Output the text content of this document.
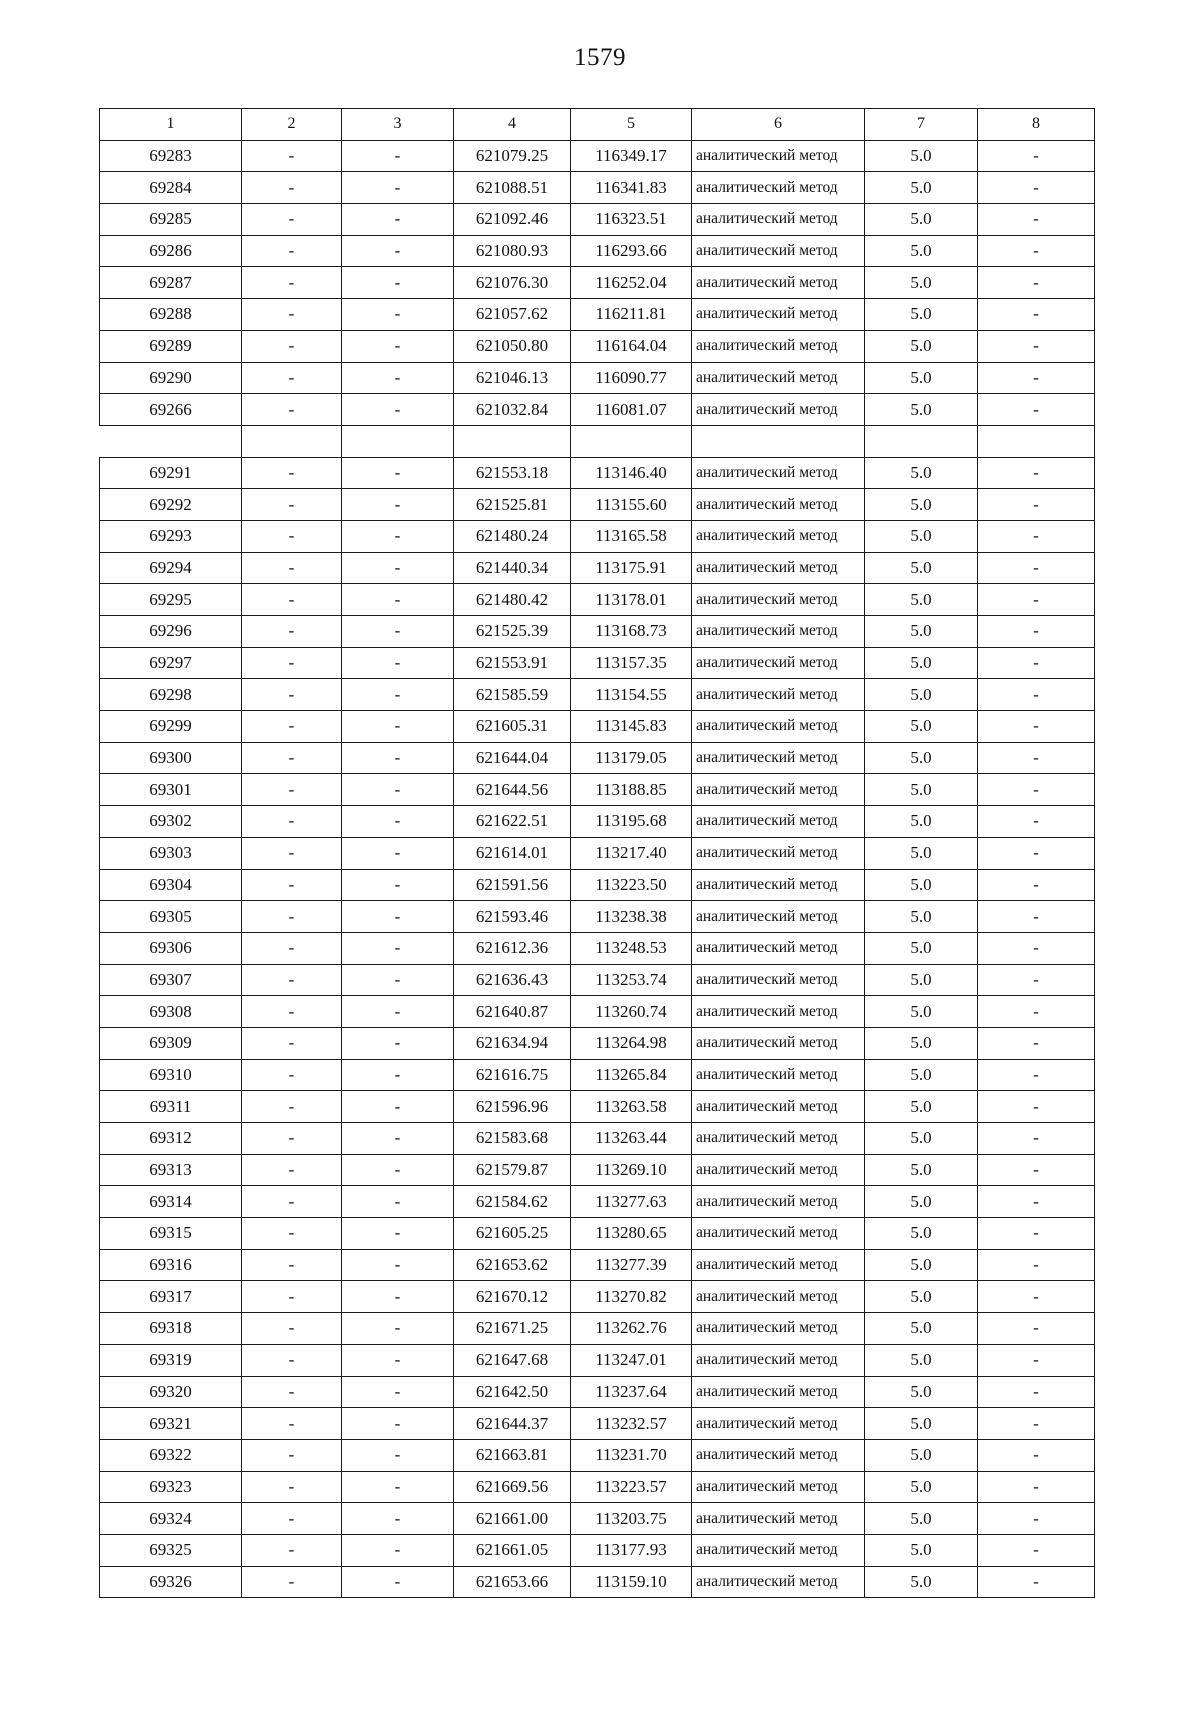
1579
1	2	3	4	5	6	7	8
69283	-	-	621079.25	116349.17	аналитический метод	5.0	-
69284	-	-	621088.51	116341.83	аналитический метод	5.0	-
69285	-	-	621092.46	116323.51	аналитический метод	5.0	-
69286	-	-	621080.93	116293.66	аналитический метод	5.0	-
69287	-	-	621076.30	116252.04	аналитический метод	5.0	-
69288	-	-	621057.62	116211.81	аналитический метод	5.0	-
69289	-	-	621050.80	116164.04	аналитический метод	5.0	-
69290	-	-	621046.13	116090.77	аналитический метод	5.0	-
69266	-	-	621032.84	116081.07	аналитический метод	5.0	-

69291	-	-	621553.18	113146.40	аналитический метод	5.0	-
69292	-	-	621525.81	113155.60	аналитический метод	5.0	-
69293	-	-	621480.24	113165.58	аналитический метод	5.0	-
69294	-	-	621440.34	113175.91	аналитический метод	5.0	-
69295	-	-	621480.42	113178.01	аналитический метод	5.0	-
69296	-	-	621525.39	113168.73	аналитический метод	5.0	-
69297	-	-	621553.91	113157.35	аналитический метод	5.0	-
69298	-	-	621585.59	113154.55	аналитический метод	5.0	-
69299	-	-	621605.31	113145.83	аналитический метод	5.0	-
69300	-	-	621644.04	113179.05	аналитический метод	5.0	-
69301	-	-	621644.56	113188.85	аналитический метод	5.0	-
69302	-	-	621622.51	113195.68	аналитический метод	5.0	-
69303	-	-	621614.01	113217.40	аналитический метод	5.0	-
69304	-	-	621591.56	113223.50	аналитический метод	5.0	-
69305	-	-	621593.46	113238.38	аналитический метод	5.0	-
69306	-	-	621612.36	113248.53	аналитический метод	5.0	-
69307	-	-	621636.43	113253.74	аналитический метод	5.0	-
69308	-	-	621640.87	113260.74	аналитический метод	5.0	-
69309	-	-	621634.94	113264.98	аналитический метод	5.0	-
69310	-	-	621616.75	113265.84	аналитический метод	5.0	-
69311	-	-	621596.96	113263.58	аналитический метод	5.0	-
69312	-	-	621583.68	113263.44	аналитический метод	5.0	-
69313	-	-	621579.87	113269.10	аналитический метод	5.0	-
69314	-	-	621584.62	113277.63	аналитический метод	5.0	-
69315	-	-	621605.25	113280.65	аналитический метод	5.0	-
69316	-	-	621653.62	113277.39	аналитический метод	5.0	-
69317	-	-	621670.12	113270.82	аналитический метод	5.0	-
69318	-	-	621671.25	113262.76	аналитический метод	5.0	-
69319	-	-	621647.68	113247.01	аналитический метод	5.0	-
69320	-	-	621642.50	113237.64	аналитический метод	5.0	-
69321	-	-	621644.37	113232.57	аналитический метод	5.0	-
69322	-	-	621663.81	113231.70	аналитический метод	5.0	-
69323	-	-	621669.56	113223.57	аналитический метод	5.0	-
69324	-	-	621661.00	113203.75	аналитический метод	5.0	-
69325	-	-	621661.05	113177.93	аналитический метод	5.0	-
69326	-	-	621653.66	113159.10	аналитический метод	5.0	-
